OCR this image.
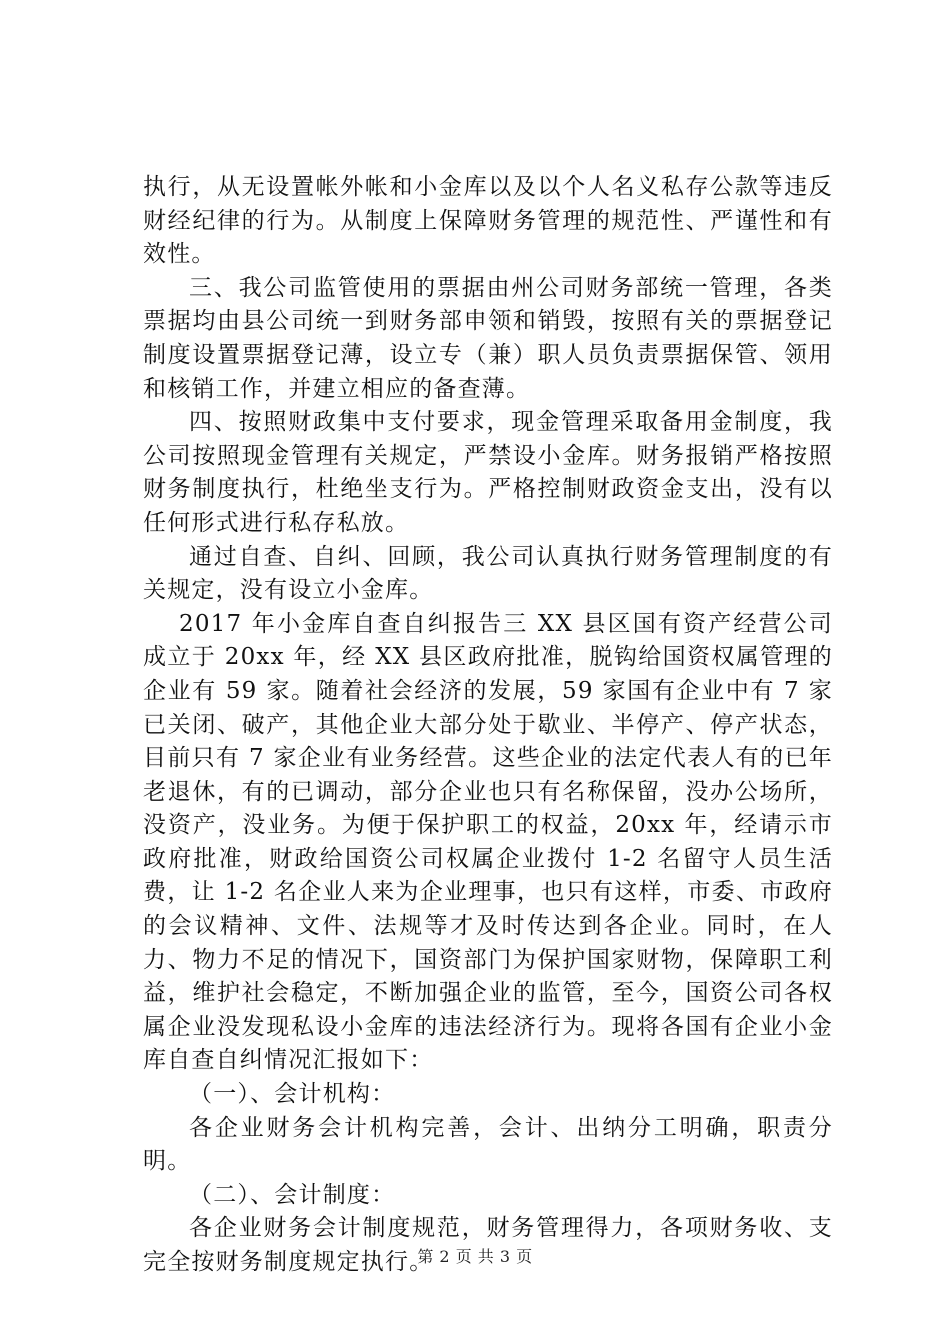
执行，从无设置帐外帐和小金库以及以个人名义私存公款等违反财经纪律的行为。从制度上保障财务管理的规范性、严谨性和有效性。

三、我公司监管使用的票据由州公司财务部统一管理，各类票据均由县公司统一到财务部申领和销毁，按照有关的票据登记制度设置票据登记薄，设立专（兼）职人员负责票据保管、领用和核销工作，并建立相应的备查薄。

四、按照财政集中支付要求，现金管理采取备用金制度，我公司按照现金管理有关规定，严禁设小金库。财务报销严格按照财务制度执行，杜绝坐支行为。严格控制财政资金支出，没有以任何形式进行私存私放。

通过自查、自纠、回顾，我公司认真执行财务管理制度的有关规定，没有设立小金库。

2017 年小金库自查自纠报告三 XX 县区国有资产经营公司成立于 20xx 年，经 XX 县区政府批准，脱钩给国资权属管理的企业有 59 家。随着社会经济的发展，59 家国有企业中有 7 家已关闭、破产，其他企业大部分处于歇业、半停产、停产状态，目前只有 7 家企业有业务经营。这些企业的法定代表人有的已年老退休，有的已调动，部分企业也只有名称保留，没办公场所，没资产，没业务。为便于保护职工的权益，20xx 年，经请示市政府批准，财政给国资公司权属企业拨付 1-2 名留守人员生活费，让 1-2 名企业人来为企业理事，也只有这样，市委、市政府的会议精神、文件、法规等才及时传达到各企业。同时，在人力、物力不足的情况下，国资部门为保护国家财物，保障职工利益，维护社会稳定，不断加强企业的监管，至今，国资公司各权属企业没发现私设小金库的违法经济行为。现将各国有企业小金库自查自纠情况汇报如下：

（一）、会计机构：

各企业财务会计机构完善，会计、出纳分工明确，职责分明。

（二）、会计制度：

各企业财务会计制度规范，财务管理得力，各项财务收、支完全按财务制度规定执行。

第 2 页 共 3 页
